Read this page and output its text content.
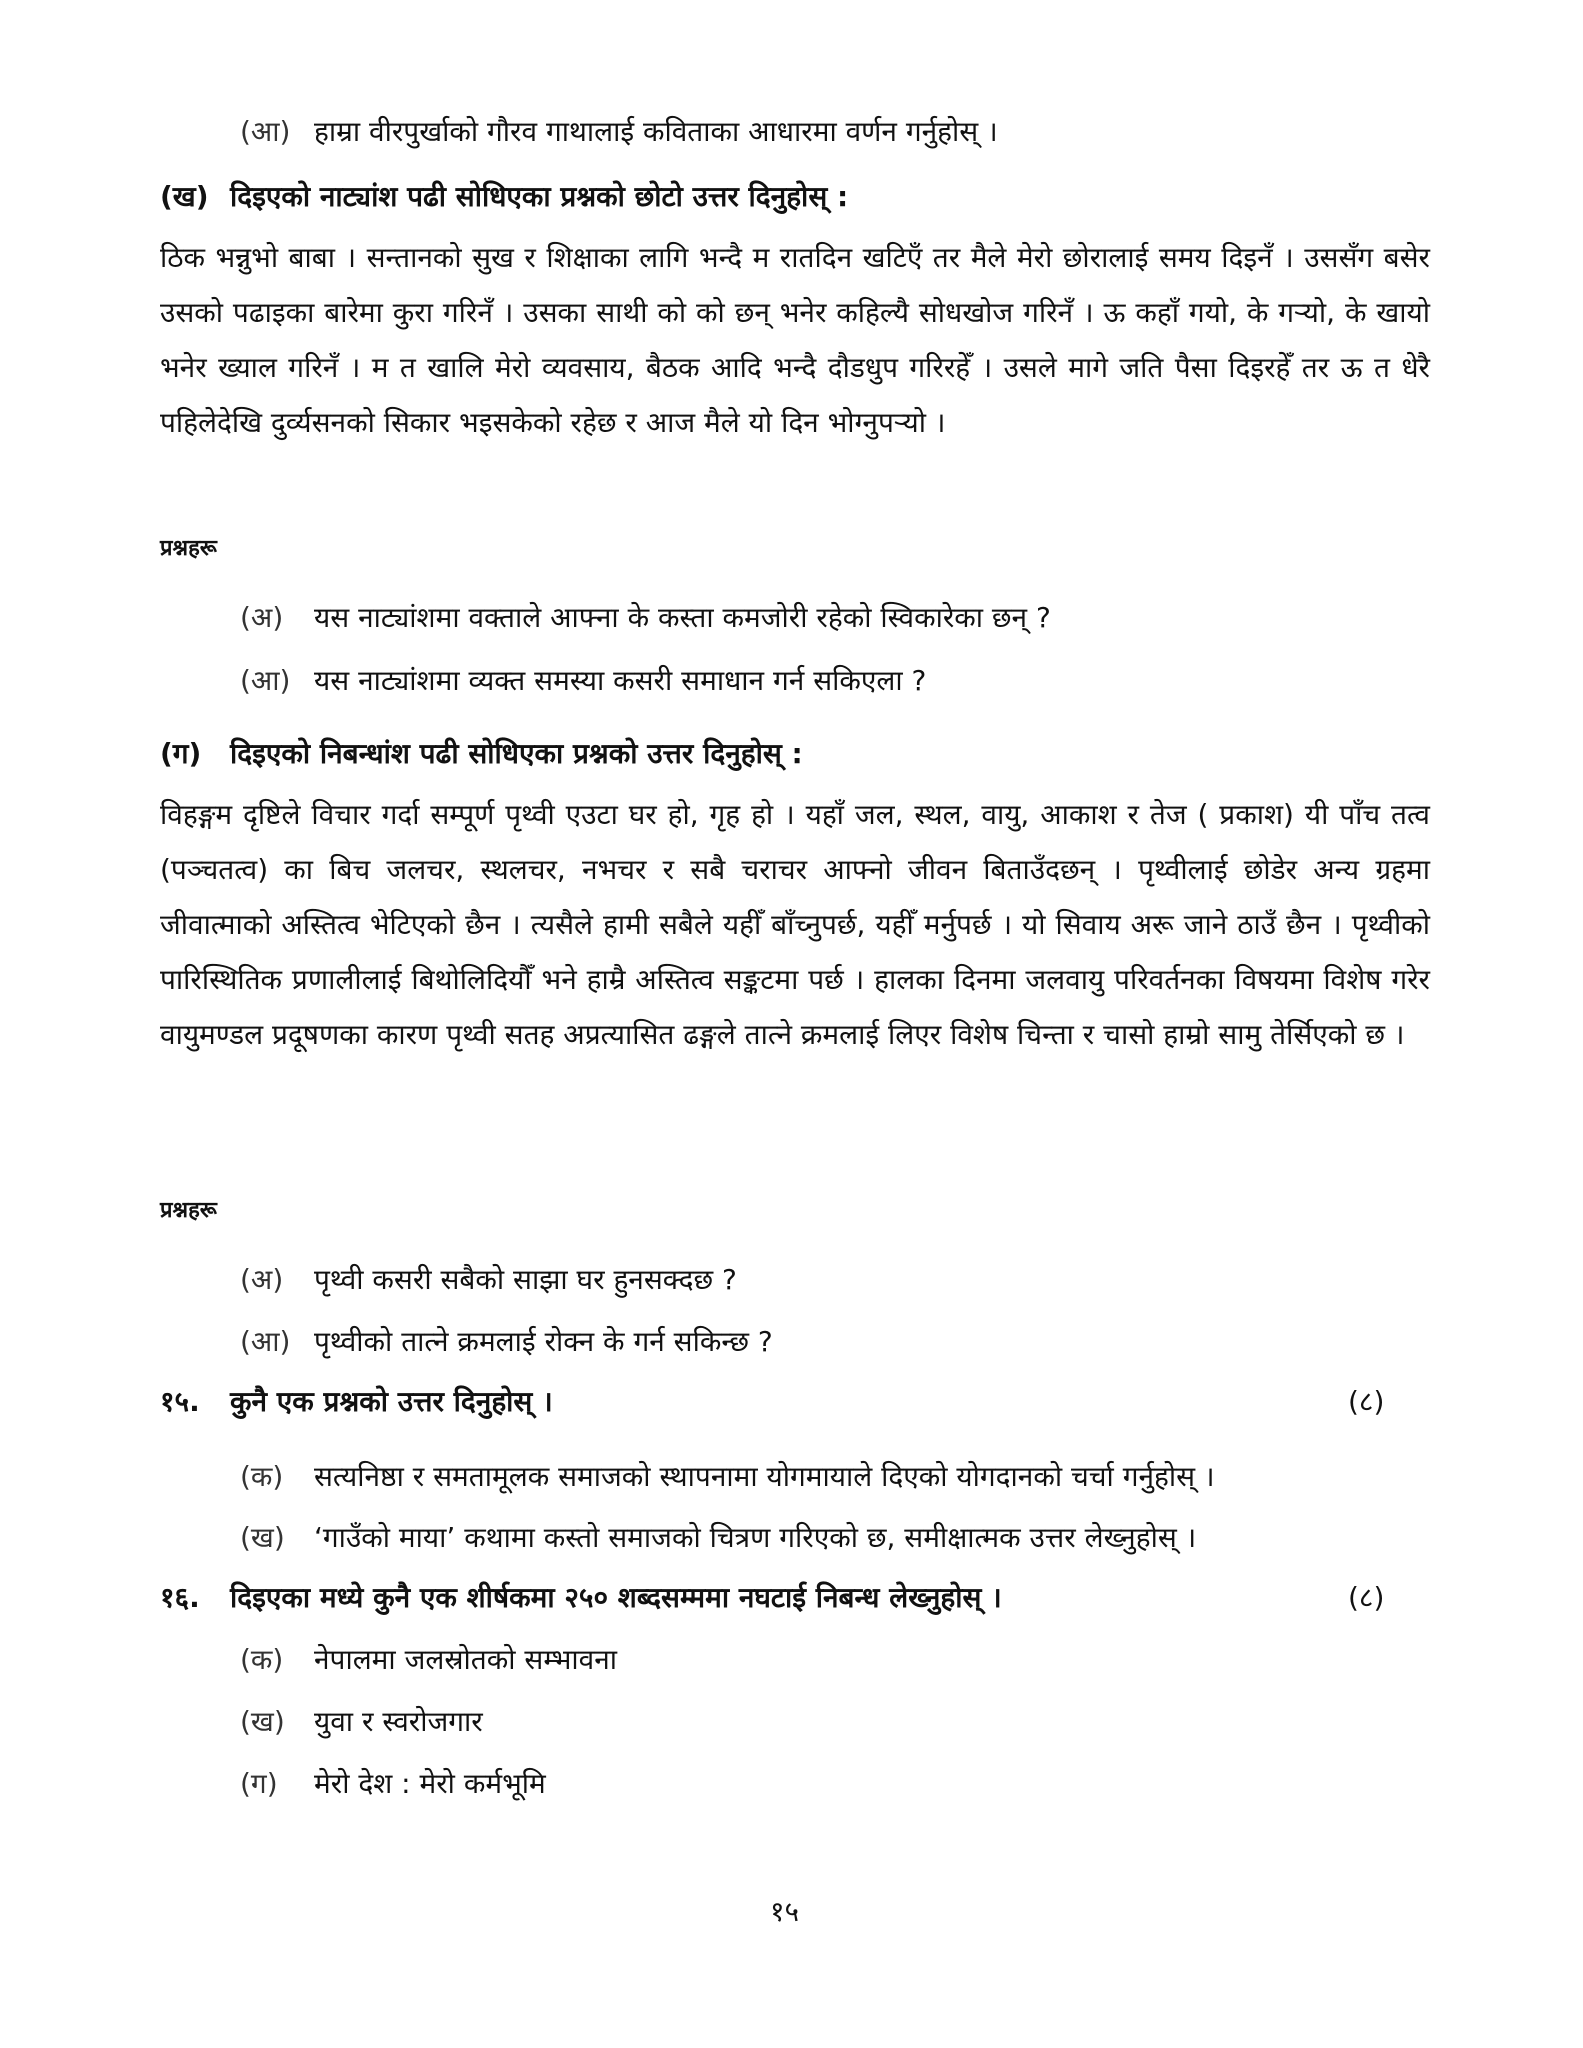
(आ) हाम्रा वीरपुर्खाको गौरव गाथालाई कविताका आधारमा वर्णन गर्नुहोस् ।
(ख) दिइएको नाट्यांश पढी सोधिएका प्रश्नको छोटो उत्तर दिनुहोस् :

ठिक भन्नुभो बाबा । सन्तानको सुख र शिक्षाका लागि भन्दै म रातदिन खटिएँ तर मैले मेरो छोरालाई समय दिइनँ । उससँग बसेर उसको पढाइका बारेमा कुरा गरिनँ । उसका साथी को को छन् भनेर कहिल्यै सोधखोज गरिनँ । ऊ कहाँ गयो, के गऱ्यो, के खायो भनेर ख्याल गरिनँ । म त खालि मेरो व्यवसाय, बैठक आदि भन्दै दौडधुप गरिरहेँ । उसले मागे जति पैसा दिइरहेँ तर ऊ त धेरै पहिलेदेखि दुर्व्यसनको सिकार भइसकेको रहेछ र आज मैले यो दिन भोग्नुपऱ्यो ।

प्रश्नहरू
(अ) यस नाट्यांशमा वक्ताले आफ्ना के कस्ता कमजोरी रहेको स्विकारेका छन् ?
(आ) यस नाट्यांशमा व्यक्त समस्या कसरी समाधान गर्न सकिएला ?
(ग) दिइएको निबन्धांश पढी सोधिएका प्रश्नको उत्तर दिनुहोस् :

विहङ्गम दृष्टिले विचार गर्दा सम्पूर्ण पृथ्वी एउटा घर हो, गृह हो । यहाँ जल, स्थल, वायु, आकाश र तेज ( प्रकाश) यी पाँच तत्व (पञ्चतत्व) का बिच जलचर, स्थलचर, नभचर र सबै चराचर आफ्नो जीवन बिताउँदछन् । पृथ्वीलाई छोडेर अन्य ग्रहमा जीवात्माको अस्तित्व भेटिएको छैन । त्यसैले हामी सबैले यहीँ बाँच्नुपर्छ, यहीँ मर्नुपर्छ । यो सिवाय अरू जाने ठाउँ छैन । पृथ्वीको पारिस्थितिक प्रणालीलाई बिथोलिदियौँ भने हाम्रै अस्तित्व सङ्कटमा पर्छ । हालका दिनमा जलवायु परिवर्तनका विषयमा विशेष गरेर वायुमण्डल प्रदूषणका कारण पृथ्वी सतह अप्रत्यासित ढङ्गले तात्ने क्रमलाई लिएर विशेष चिन्ता र चासो हाम्रो सामु तेर्सिएको छ ।

प्रश्नहरू
(अ) पृथ्वी कसरी सबैको साझा घर हुनसक्दछ ?
(आ) पृथ्वीको तात्ने क्रमलाई रोक्न के गर्न सकिन्छ ?
१५. कुनै एक प्रश्नको उत्तर दिनुहोस् ।	(८)
(क) सत्यनिष्ठा र समतामूलक समाजको स्थापनामा योगमायाले दिएको योगदानको चर्चा गर्नुहोस् ।
(ख) ‘गाउँको माया’ कथामा कस्तो समाजको चित्रण गरिएको छ, समीक्षात्मक उत्तर लेख्नुहोस् ।
१६. दिइएका मध्ये कुनै एक शीर्षकमा २५० शब्दसम्ममा नघटाई निबन्ध लेख्नुहोस् ।	(८)
(क) नेपालमा जलस्रोतको सम्भावना
(ख) युवा र स्वरोजगार
(ग) मेरो देश : मेरो कर्मभूमि
१५
